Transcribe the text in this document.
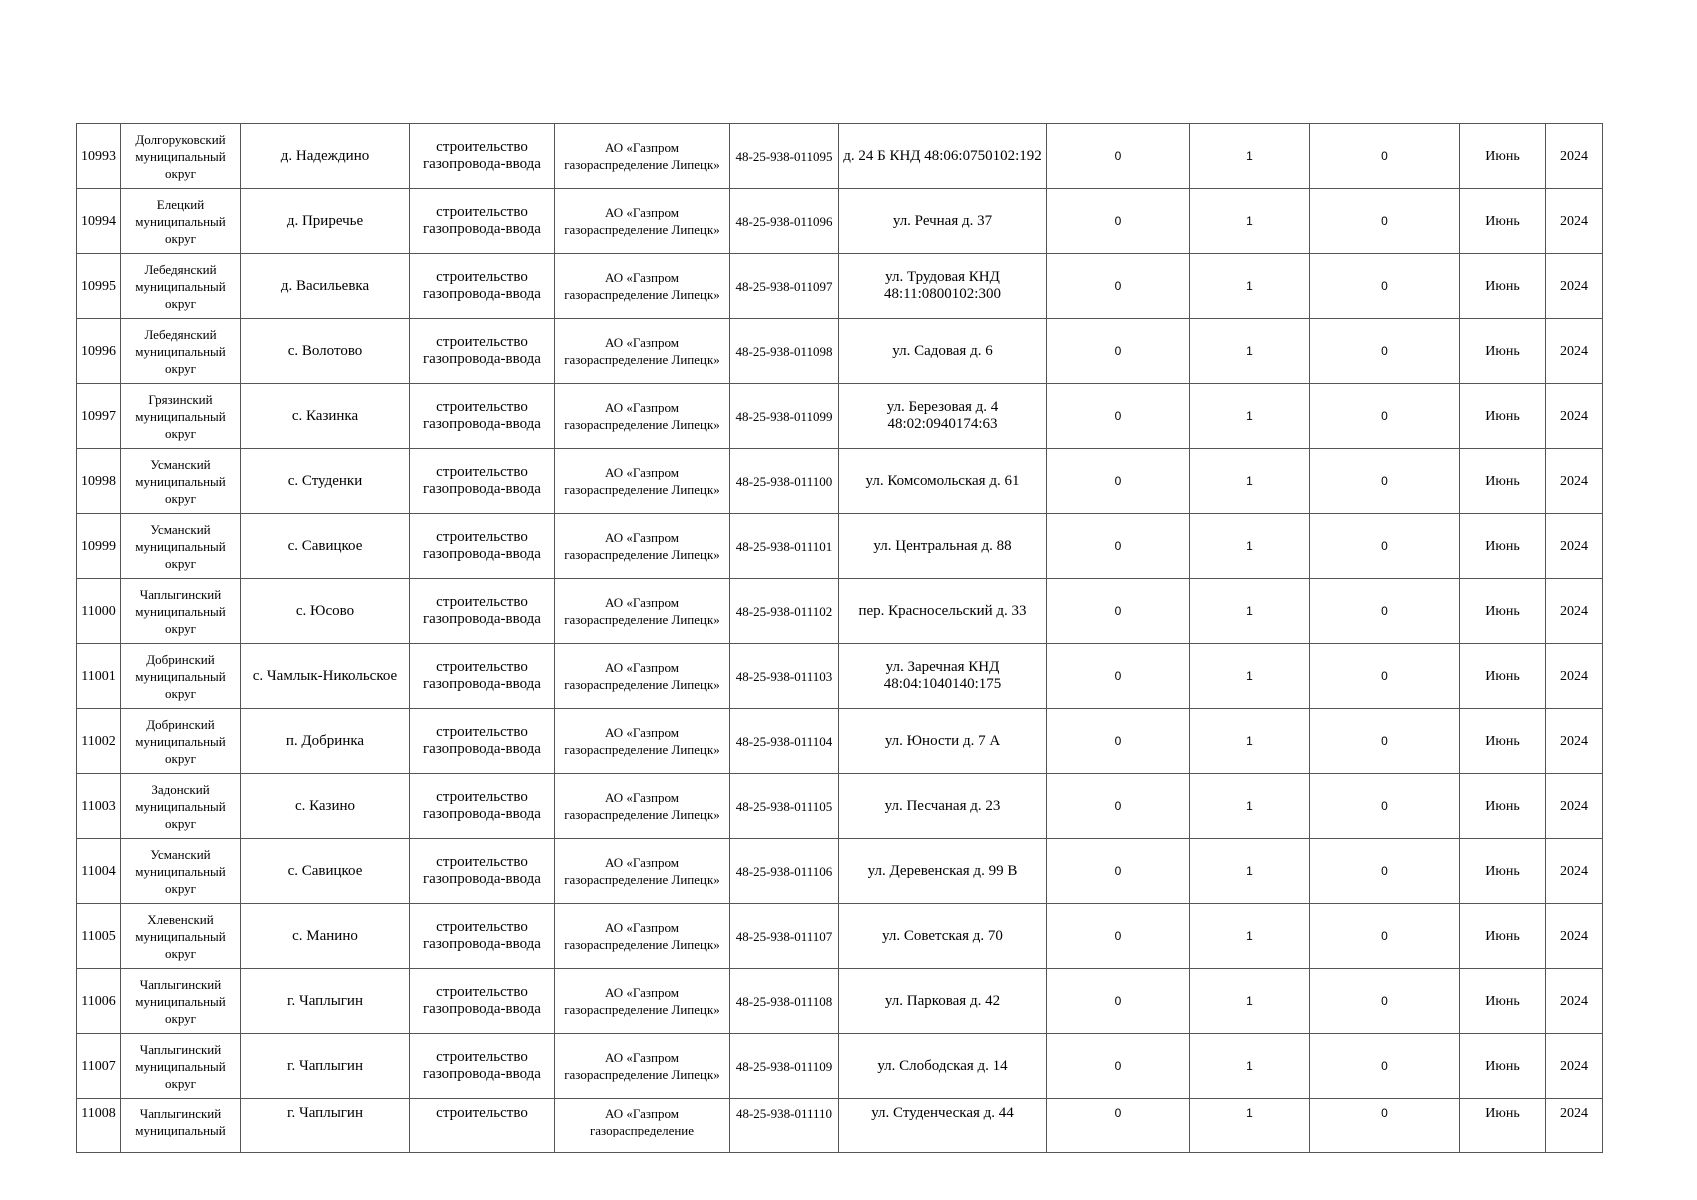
10993	Долгоруковский муниципальный округ	д. Надеждино	строительство газопровода-ввода	АО «Газпром газораспределение Липецк»	48-25-938-011095	д. 24 Б КНД 48:06:0750102:192	0	1	0	Июнь	2024

10994	Елецкий муниципальный округ	д. Приречье	строительство газопровода-ввода	АО «Газпром газораспределение Липецк»	48-25-938-011096	ул. Речная д. 37	0	1	0	Июнь	2024

10995	Лебедянский муниципальный округ	д. Васильевка	строительство газопровода-ввода	АО «Газпром газораспределение Липецк»	48-25-938-011097	ул. Трудовая КНД 48:11:0800102:300	0	1	0	Июнь	2024

10996	Лебедянский муниципальный округ	с. Волотово	строительство газопровода-ввода	АО «Газпром газораспределение Липецк»	48-25-938-011098	ул. Садовая д. 6	0	1	0	Июнь	2024

10997	Грязинский муниципальный округ	с. Казинка	строительство газопровода-ввода	АО «Газпром газораспределение Липецк»	48-25-938-011099	ул. Березовая д. 4 48:02:0940174:63	0	1	0	Июнь	2024

10998	Усманский муниципальный округ	с. Студенки	строительство газопровода-ввода	АО «Газпром газораспределение Липецк»	48-25-938-011100	ул. Комсомольская д. 61	0	1	0	Июнь	2024

10999	Усманский муниципальный округ	с. Савицкое	строительство газопровода-ввода	АО «Газпром газораспределение Липецк»	48-25-938-011101	ул. Центральная д. 88	0	1	0	Июнь	2024

11000	Чаплыгинский муниципальный округ	с. Юсово	строительство газопровода-ввода	АО «Газпром газораспределение Липецк»	48-25-938-011102	пер. Красносельский д. 33	0	1	0	Июнь	2024

11001	Добринский муниципальный округ	с. Чамлык-Никольское	строительство газопровода-ввода	АО «Газпром газораспределение Липецк»	48-25-938-011103	ул. Заречная КНД 48:04:1040140:175	0	1	0	Июнь	2024

11002	Добринский муниципальный округ	п. Добринка	строительство газопровода-ввода	АО «Газпром газораспределение Липецк»	48-25-938-011104	ул. Юности д. 7 А	0	1	0	Июнь	2024

11003	Задонский муниципальный округ	с. Казино	строительство газопровода-ввода	АО «Газпром газораспределение Липецк»	48-25-938-011105	ул. Песчаная д. 23	0	1	0	Июнь	2024

11004	Усманский муниципальный округ	с. Савицкое	строительство газопровода-ввода	АО «Газпром газораспределение Липецк»	48-25-938-011106	ул. Деревенская д. 99 В	0	1	0	Июнь	2024

11005	Хлевенский муниципальный округ	с. Манино	строительство газопровода-ввода	АО «Газпром газораспределение Липецк»	48-25-938-011107	ул. Советская д. 70	0	1	0	Июнь	2024

11006	Чаплыгинский муниципальный округ	г. Чаплыгин	строительство газопровода-ввода	АО «Газпром газораспределение Липецк»	48-25-938-011108	ул. Парковая д. 42	0	1	0	Июнь	2024

11007	Чаплыгинский муниципальный округ	г. Чаплыгин	строительство газопровода-ввода	АО «Газпром газораспределение Липецк»	48-25-938-011109	ул. Слободская д. 14	0	1	0	Июнь	2024

11008	Чаплыгинский муниципальный	г. Чаплыгин	строительство	АО «Газпром газораспределение	48-25-938-011110	ул. Студенческая д. 44	0	1	0	Июнь	2024
